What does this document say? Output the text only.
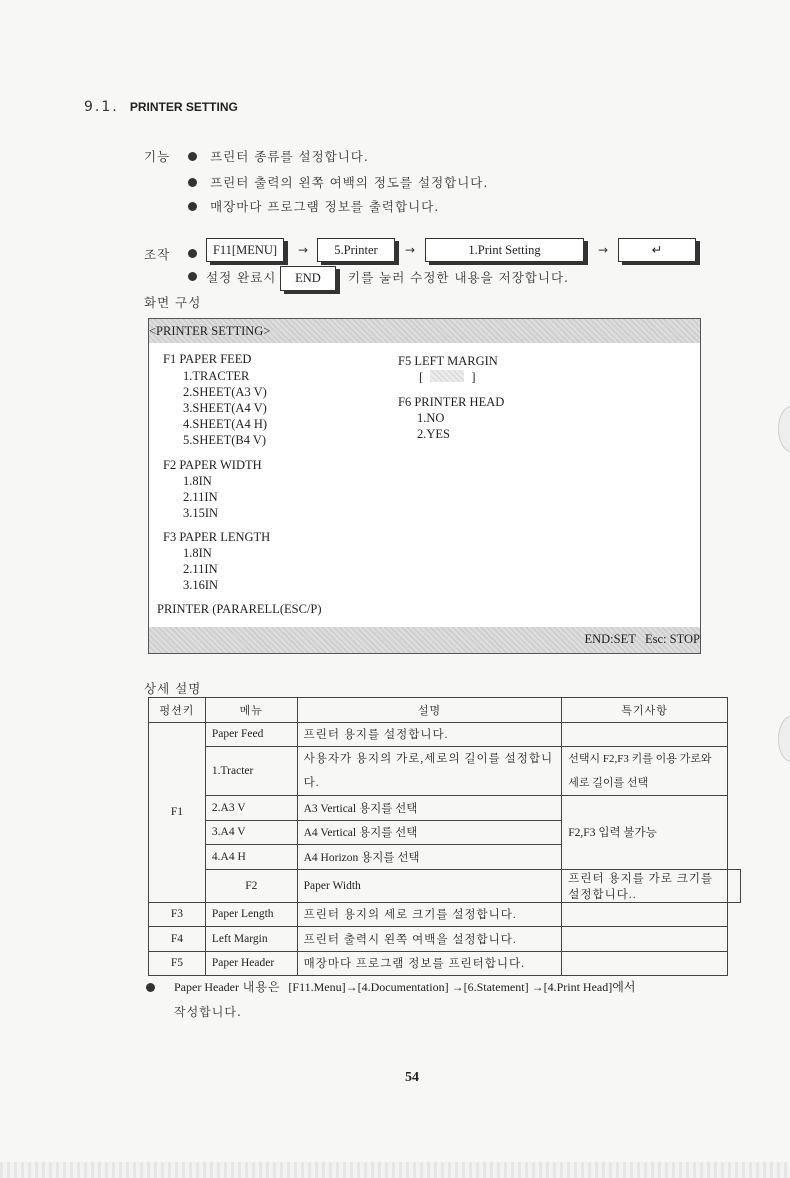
9.1. PRINTER SETTING
기능	프린터 종류를 설정합니다.
프린터 출력의 왼쪽 여백의 정도를 설정합니다.
매장마다 프로그램 정보를 출력합니다.
조작	F11[MENU]	→	5.Printer	→	1.Print Setting	→	↵
설정 완료시	END	키를 눌러 수정한 내용을 저장합니다.
화면 구성
<PRINTER SETTING>
F1 PAPER FEED
1.TRACTER
2.SHEET(A3 V)
3.SHEET(A4 V)
4.SHEET(A4 H)
5.SHEET(B4 V)
F2 PAPER WIDTH
1.8IN
2.11IN
3.15IN
F3 PAPER LENGTH
1.8IN
2.11IN
3.16IN
PRINTER (PARARELL(ESC/P)
F5 LEFT MARGIN
[	]
F6 PRINTER HEAD
1.NO
2.YES
END:SET   Esc: STOP
상세 설명
펑션키	메뉴	설명	특기사항	
F1	Paper Feed	프린터 용지를 설정합니다.		
	1.Tracter	사용자가 용지의 가로,세로의 길이를 설정합니다.	선택시 F2,F3 키를 이용 가로와 세로 길이를 선택	
	2.A3 V	A3 Vertical 용지를 선택	F2,F3 입력 불가능	
	3.A4 V	A4 Vertical 용지를 선택		
	4.A4 H	A4 Horizon 용지를 선택		
	F2	Paper Width	프린터 용지를 가로 크기를 설정합니다..	
F3	Paper Length	프린터 용지의 세로 크기를 설정합니다.		
F4	Left Margin	프린터 출력시 왼쪽 여백을 설정합니다.		
F5	Paper Header	매장마다 프로그램 정보를 프린터합니다.		
Paper Header 내용은 [F11.Menu]→[4.Documentation] →[6.Statement] →[4.Print Head]에서
작성합니다.
54
